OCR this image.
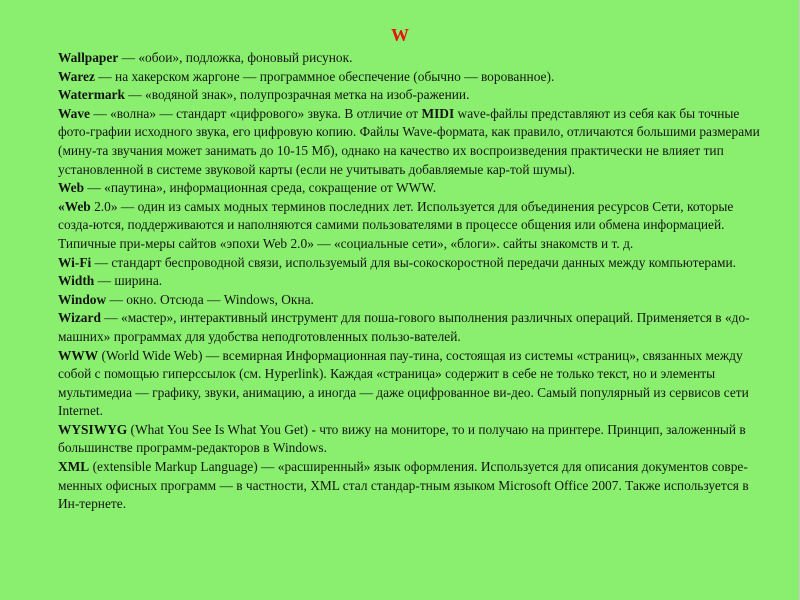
W

Wallpaper — «обои», подложка, фоновый рисунок.

Warez — на хакерском жаргоне — программное обеспечение (обычно — ворованное).

Watermark — «водяной знак», полупрозрачная метка на изоб-ражении.

Wave — «волна» — стандарт «цифрового» звука. В отличие от MIDI wave-файлы представляют из себя как бы точные фото-графии исходного звука, его цифровую копию. Файлы Wave-формата, как правило, отличаются большими размерами (мину-та звучания может занимать до 10-15 Мб), однако на качество их воспроизведения практически не влияет тип установленной в системе звуковой карты (если не учитывать добавляемые кар-той шумы).

Web — «паутина», информационная среда, сокращение от WWW.

«Web 2.0» — один из самых модных терминов последних лет. Используется для объединения ресурсов Сети, которые созда-ются, поддерживаются и наполняются самими пользователями в процессе общения или обмена информацией. Типичные при-меры сайтов «эпохи Web 2.0» — «социальные сети», «блоги». сайты знакомств и т. д.

Wi-Fi — стандарт беспроводной связи, используемый для вы-сокоскоростной передачи данных между компьютерами.

Width — ширина.

Window — окно. Отсюда — Windows, Окна.

Wizard — «мастер», интерактивный инструмент для поша-гового выполнения различных операций. Применяется в «до-машних» программах для удобства неподготовленных пользо-вателей.

WWW (World Wide Web) — всемирная Информационная пау-тина, состоящая из системы «страниц», связанных между собой с помощью гиперссылок (см. Hyperlink). Каждая «страница» содержит в себе не только текст, но и элементы мультимедиа — графику, звуки, анимацию, а иногда — даже оцифрованное ви-део. Самый популярный из сервисов сети Internet.

WYSIWYG (What You See Is What You Get) - что вижу на мониторе, то и получаю на принтере. Принцип, заложенный в большинстве программ-редакторов в Windows.

XML (extensible Markup Language) — «расширенный» язык оформления. Используется для описания документов совре-менных офисных программ — в частности, XML стал стандар-тным языком Microsoft Office 2007. Также используется в Ин-тернете.
